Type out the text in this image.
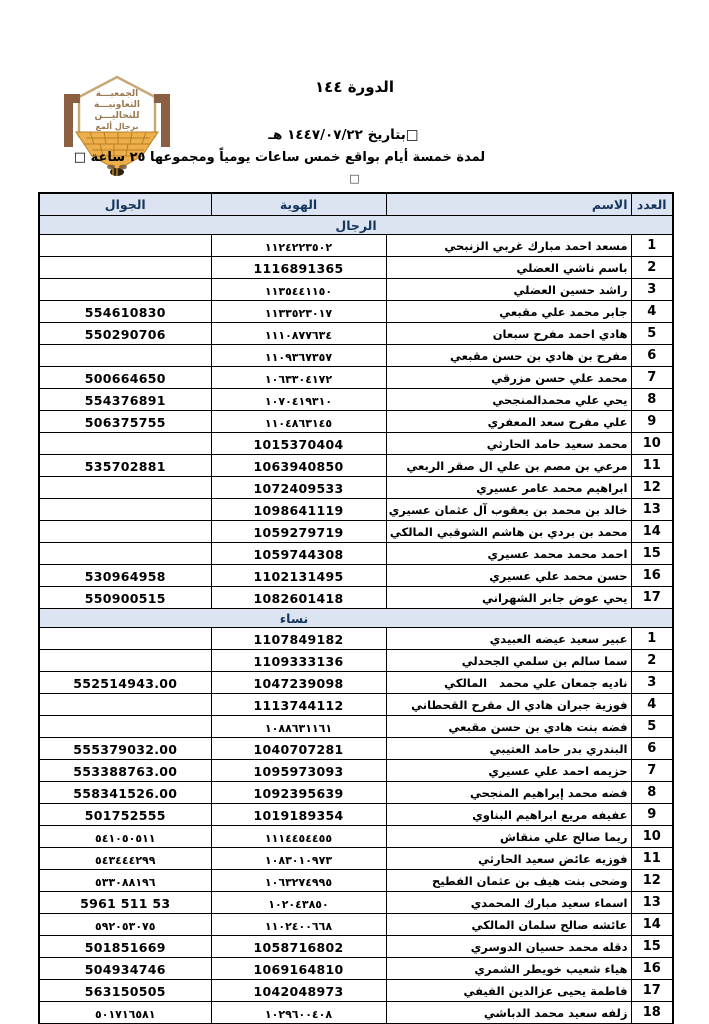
الجمعيـــة
التعاونيـــة
للنحاليـــن
برجال ألمع
الدورة ١٤٤
□بتاريخ ١٤٤٧/٠٧/٢٢ هـ
لمدة خمسة أيام بواقع خمس ساعات يومياً ومجموعها ٢٥ ساعة □
□
العدد	الاسم	الهوية	الجوال
الرجال			
1	مسعد احمد مبارك غربي الزنبحي	١١٢٤٢٢٣٥٠٢	
2	باسم ناشي العضلي	1116891365	
3	راشد حسين العضلي	١١٣٥٤٤١١٥٠	
4	جابر محمد علي مقبعي	١١٣٣٥٢٣٠١٧	554610830
5	هادي احمد مفرح سبعان	١١١٠٨٧٧٦٣٤	550290706
6	مفرح بن هادي بن حسن مقبعي	١١٠٩٣٦٧٣٥٧	
7	محمد علي حسن مزرقي	١٠٦٣٣٠٤١٧٢	500664650
8	يحي علي محمدالمنجحي	١٠٧٠٤١٩٣١٠	554376891
9	علي مفرح سعد المعفري	١١٠٤٨٦٣١٤٥	506375755
10	محمد سعيد حامد الحارثي	1015370404	
11	مرعي بن مصم بن علي ال صقر الربعي	1063940850	535702881
12	ابراهيم محمد عامر عسيري	1072409533	
13	خالد بن محمد بن يعقوب آل عثمان عسيري	1098641119	
14	محمد بن بردي بن هاشم الشوقبي المالكي	1059279719	
15	احمد محمد محمد عسيري	1059744308	
16	حسن محمد علي عسيري	1102131495	530964958
17	يحي عوض جابر الشهراني	1082601418	550900515
نساء			
1	عبير سعيد عيضه العبيدي	1107849182	
2	سما سالم بن سلمي الجحدلي	1109333136	
3	ناديه جمعان علي محمد   المالكي	1047239098	552514943.00
4	فوزية جبران هادي ال مقرح القحطاني	1113744112	
5	فضه بنت هادي بن حسن مقبعي	١٠٨٨٦٣١١٦١	
6	البندري بدر حامد العتيبي	1040707281	555379032.00
7	حزيمه احمد علي عسيري	1095973093	553388763.00
8	فضه محمد إبراهيم المنجحي	1092395639	558341526.00
9	عفيفه مريع ابراهيم البناوي	1019189354	501752555
10	ريما صالح علي منقاش	١١١٤٤٥٤٤٥٥	٥٤١٠٥٠٥١١
11	فوزيه عائض سعيد الحارثي	١٠٨٣٠١٠٩٧٣	٥٤٣٤٤٤٢٩٩
12	وضحى بنت هيف بن عثمان الفطيح	١٠٦٣٢٧٤٩٩٥	٥٣٣٠٨٨١٩٦
13	اسماء سعيد مبارك المحمدي	١٠٢٠٤٣٨٥٠	53 511 5961
14	عائشه صالح سلمان المالكي	١١٠٢٤٠٠٦٦٨	٥٩٢٠٥٣٠٧٥
15	دقله محمد حسيان الدوسري	1058716802	501851669
16	هياء شعيب خويطر الشمري	1069164810	504934746
17	فاطمة يحيى عزالدين الفيفي	1042048973	563150505
18	زلفه سعيد محمد الدباشي	١٠٢٩٦٠٠٤٠٨	٥٠١٧١٦٥٨١
